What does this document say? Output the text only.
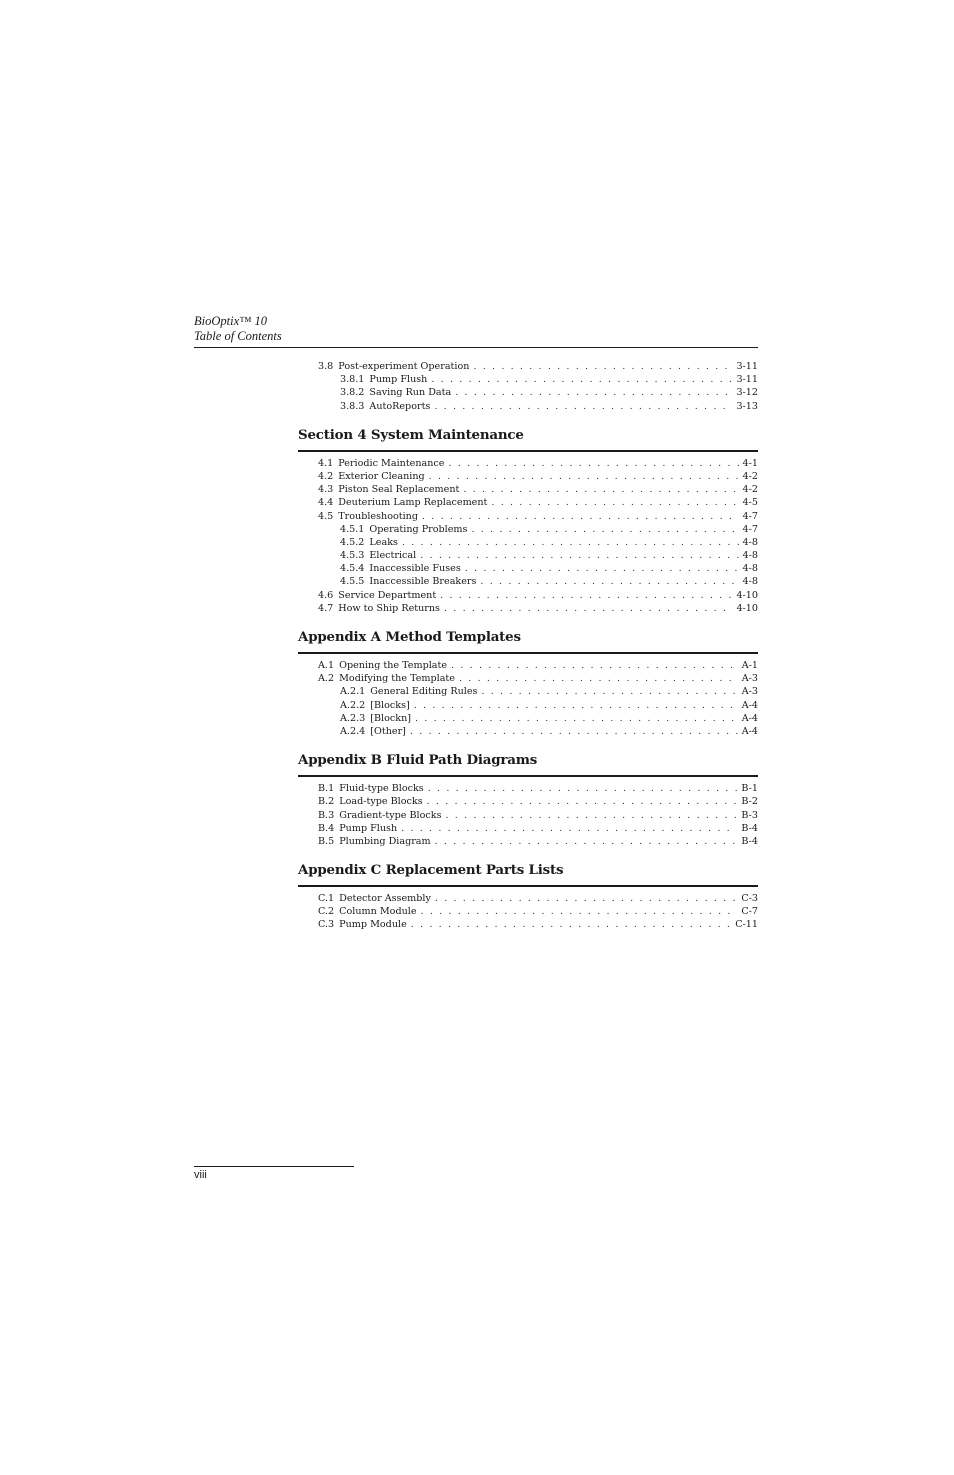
BioOptix™ 10
Table of Contents
3.8 Post-experiment Operation . . .	3-11
3.8.1 Pump Flush . . .	3-11
3.8.2 Saving Run Data . . .	3-12
3.8.3 AutoReports . . .	3-13
Section 4 System Maintenance
4.1 Periodic Maintenance . . .	4-1
4.2 Exterior Cleaning . . .	4-2
4.3 Piston Seal Replacement . . .	4-2
4.4 Deuterium Lamp Replacement . . .	4-5
4.5 Troubleshooting . . .	4-7
4.5.1 Operating Problems . . .	4-7
4.5.2 Leaks . . .	4-8
4.5.3 Electrical . . .	4-8
4.5.4 Inaccessible Fuses . . .	4-8
4.5.5 Inaccessible Breakers . . .	4-8
4.6 Service Department . . .	4-10
4.7 How to Ship Returns . . .	4-10
Appendix A Method Templates
A.1 Opening the Template . . .	A-1
A.2 Modifying the Template . . .	A-3
A.2.1 General Editing Rules . . .	A-3
A.2.2 [Blocks] . . .	A-4
A.2.3 [Blockn] . . .	A-4
A.2.4 [Other] . . .	A-4
Appendix B Fluid Path Diagrams
B.1 Fluid-type Blocks . . .	B-1
B.2 Load-type Blocks . . .	B-2
B.3 Gradient-type Blocks . . .	B-3
B.4 Pump Flush . . .	B-4
B.5 Plumbing Diagram . . .	B-4
Appendix C Replacement Parts Lists
C.1 Detector Assembly . . .	C-3
C.2 Column Module . . .	C-7
C.3 Pump Module . . .	C-11
viii
